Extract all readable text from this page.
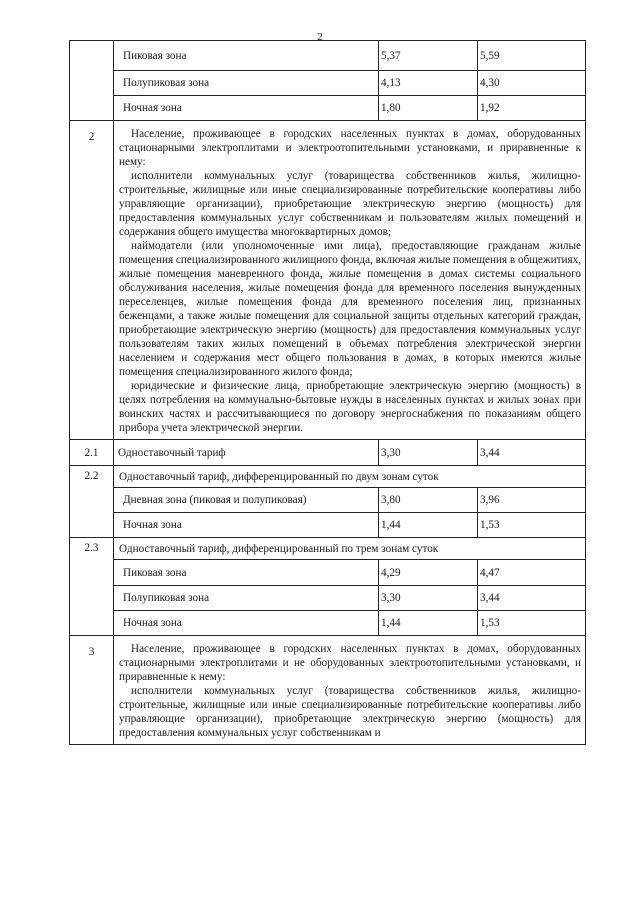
2
	Пиковая зона	5,37	5,59
	Полупиковая зона	4,13	4,30
	Ночная зона	1,80	1,92
2	Население, проживающее в городских населенных пунктах в домах, оборудованных стационарными электроплитами и электроотопительными установками, и приравненные к нему:

исполнители коммунальных услуг (товарищества собственников жилья, жилищно-строительные, жилищные или иные специализированные потребительские кооперативы либо управляющие организации), приобретающие электрическую энергию (мощность) для предоставления коммунальных услуг собственникам и пользователям жилых помещений и содержания общего имущества многоквартирных домов;

наймодатели (или уполномоченные ими лица), предоставляющие гражданам жилые помещения специализированного жилищного фонда, включая жилые помещения в общежитиях, жилые помещения маневренного фонда, жилые помещения в домах системы социального обслуживания населения, жилые помещения фонда для временного поселения вынужденных переселенцев, жилые помещения фонда для временного поселения лиц, признанных беженцами, а также жилые помещения для социальной защиты отдельных категорий граждан, приобретающие электрическую энергию (мощность) для предоставления коммунальных услуг пользователям таких жилых помещений в объемах потребления электрической энергии населением и содержания мест общего пользования в домах, в которых имеются жилые помещения специализированного жилого фонда;

юридические и физические лица, приобретающие электрическую энергию (мощность) в целях потребления на коммунально-бытовые нужды в населенных пунктах и жилых зонах при воинских частях и рассчитывающиеся по договору энергоснабжения по показаниям общего прибора учета электрической энергии.		

2.1	Одноставочный тариф	3,30	3,44
2.2	Одноставочный тариф, дифференцированный по двум зонам суток		
	Дневная зона (пиковая и полупиковая)	3,80	3,96
	Ночная зона	1,44	1,53
2.3	Одноставочный тариф, дифференцированный по трем зонам суток		
	Пиковая зона	4,29	4,47
	Полупиковая зона	3,30	3,44
	Ночная зона	1,44	1,53
3	Население, проживающее в городских населенных пунктах в домах, оборудованных стационарными электроплитами и не оборудованных электроотопительными установками, и приравненные к нему:

исполнители коммунальных услуг (товарищества собственников жилья, жилищно-строительные, жилищные или иные специализированные потребительские кооперативы либо управляющие организации), приобретающие электрическую энергию (мощность) для предоставления коммунальных услуг собственникам и		
